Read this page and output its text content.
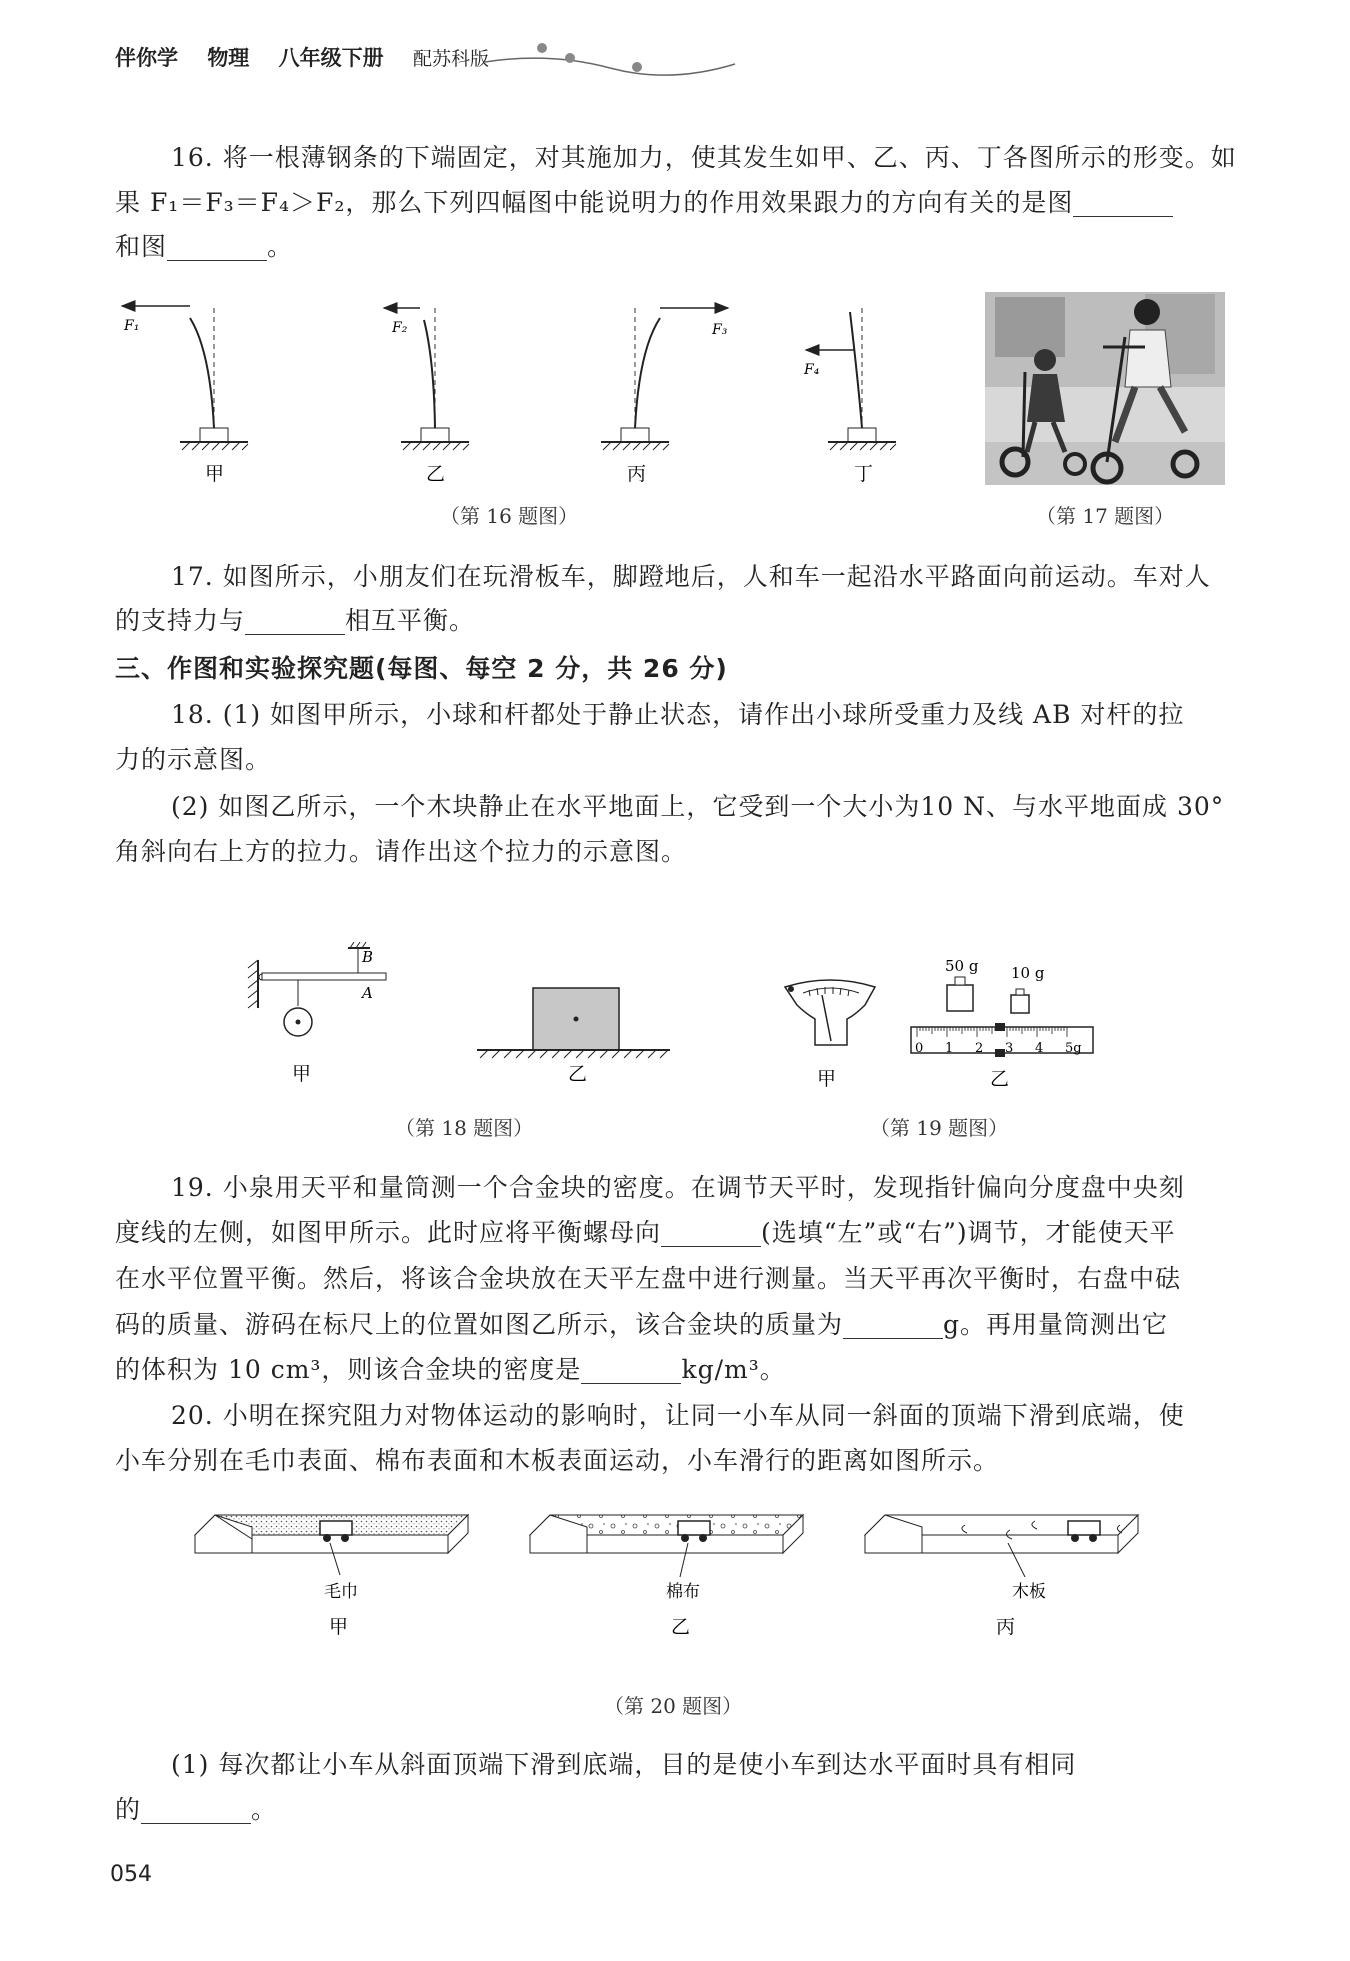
伴你学 物理 八年级下册 配苏科版
16. 将一根薄钢条的下端固定，对其施加力，使其发生如甲、乙、丙、丁各图所示的形变。如
果 F₁＝F₃＝F₄＞F₂，那么下列四幅图中能说明力的作用效果跟力的方向有关的是图
和图	。
F₁	F₂	F₃
F₄
甲	乙	丙	丁
（第 16 题图）	（第 17 题图）
17. 如图所示，小朋友们在玩滑板车，脚蹬地后，人和车一起沿水平路面向前运动。车对人
的支持力与	相互平衡。
三、作图和实验探究题(每图、每空 2 分，共 26 分)
18. (1) 如图甲所示，小球和杆都处于静止状态，请作出小球所受重力及线 AB 对杆的拉
力的示意图。
(2) 如图乙所示，一个木块静止在水平地面上，它受到一个大小为10 N、与水平地面成 30°
角斜向右上方的拉力。请作出这个拉力的示意图。
B
A
甲	乙
（第 18 题图）
甲
50 g 10 g
0 1 2 3 4 5g
乙
（第 19 题图）
19. 小泉用天平和量筒测一个合金块的密度。在调节天平时，发现指针偏向分度盘中央刻
度线的左侧，如图甲所示。此时应将平衡螺母向	(选填“左”或“右”)调节，才能使天平
在水平位置平衡。然后，将该合金块放在天平左盘中进行测量。当天平再次平衡时，右盘中砝
码的质量、游码在标尺上的位置如图乙所示，该合金块的质量为	g。再用量筒测出它
的体积为 10 cm³，则该合金块的密度是	kg/m³。
20. 小明在探究阻力对物体运动的影响时，让同一小车从同一斜面的顶端下滑到底端，使
小车分别在毛巾表面、棉布表面和木板表面运动，小车滑行的距离如图所示。
毛巾	棉布	木板
甲	乙	丙
（第 20 题图）
(1) 每次都让小车从斜面顶端下滑到底端，目的是使小车到达水平面时具有相同
的	。
054
